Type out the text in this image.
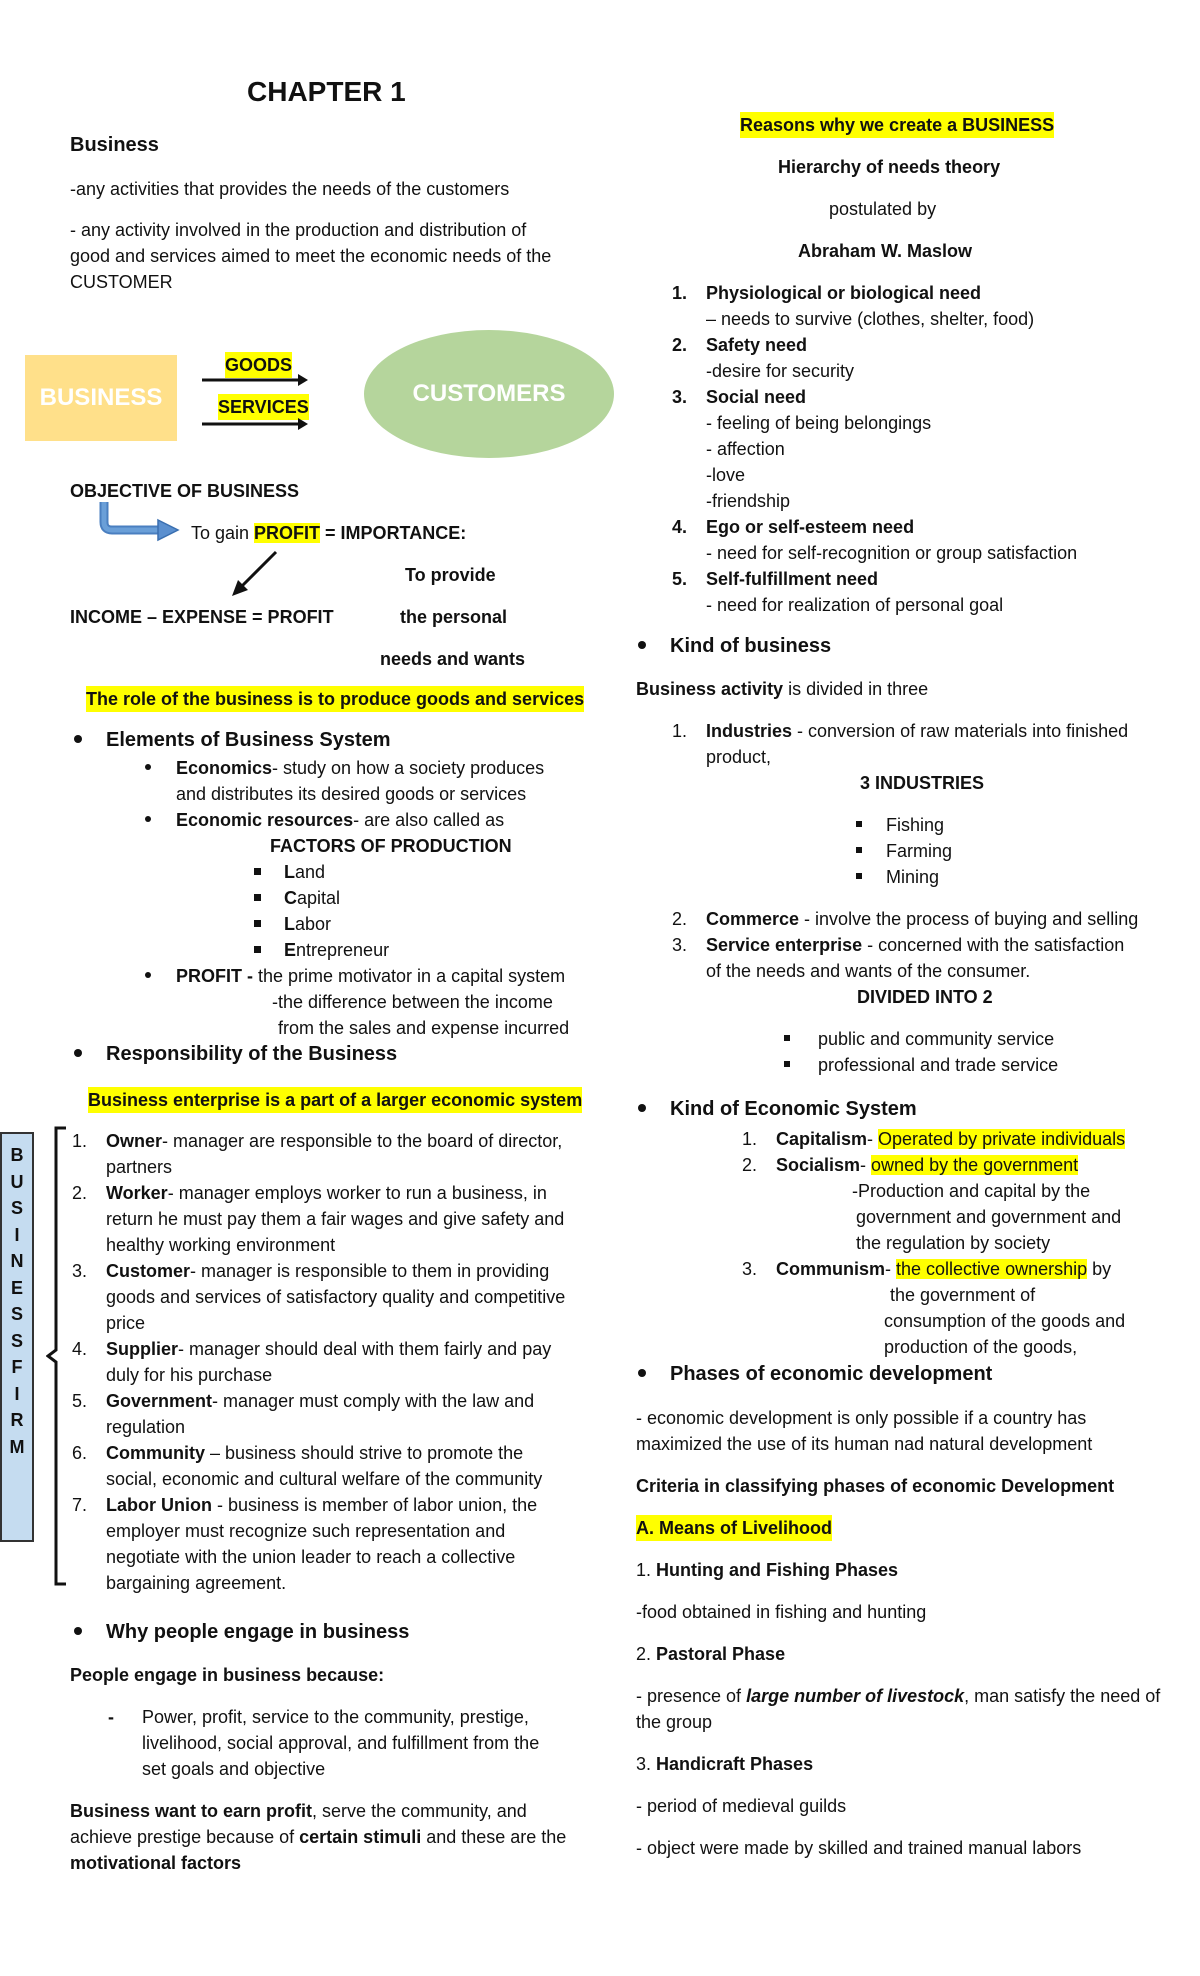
CHAPTER 1
Business
-any activities that provides the needs of the customers
- any activity involved in the production and distribution of
good and services aimed to meet the economic needs of the
CUSTOMER
BUSINESS
GOODS
SERVICES	CUSTOMERS
OBJECTIVE OF BUSINESS
To gain PROFIT = IMPORTANCE:
To provide
INCOME – EXPENSE = PROFIT	the personal
needs and wants
The role of the business is to produce goods and services
Elements of Business System
Economics- study on how a society produces
and distributes its desired goods or services
Economic resources- are also called as
FACTORS OF PRODUCTION
Land
Capital
Labor
Entrepreneur
PROFIT - the prime motivator in a capital system
-the difference between the income
from the sales and expense incurred
Responsibility of the Business
Business enterprise is a part of a larger economic system
B
U
S
I
N
E
S
S
F
I
R
M
1. Owner- manager are responsible to the board of director,
partners
2. Worker- manager employs worker to run a business, in
return he must pay them a fair wages and give safety and
healthy working environment
3. Customer- manager is responsible to them in providing
goods and services of satisfactory quality and competitive
price
4. Supplier- manager should deal with them fairly and pay
duly for his purchase
5. Government- manager must comply with the law and
regulation
6. Community – business should strive to promote the
social, economic and cultural welfare of the community
7. Labor Union - business is member of labor union, the
employer must recognize such representation and
negotiate with the union leader to reach a collective
bargaining agreement.
Why people engage in business
People engage in business because:
- Power, profit, service to the community, prestige,
livelihood, social approval, and fulfillment from the
set goals and objective
Business want to earn profit, serve the community, and
achieve prestige because of certain stimuli and these are the
motivational factors
Reasons why we create a BUSINESS
Hierarchy of needs theory
postulated by
Abraham W. Maslow
1. Physiological or biological need
– needs to survive (clothes, shelter, food)
2. Safety need
-desire for security
3. Social need
- feeling of being belongings
- affection
-love
-friendship
4. Ego or self-esteem need
- need for self-recognition or group satisfaction
5. Self-fulfillment need
- need for realization of personal goal
Kind of business
Business activity is divided in three
1. Industries - conversion of raw materials into finished
product,
3 INDUSTRIES
Fishing
Farming
Mining
2. Commerce - involve the process of buying and selling
3. Service enterprise - concerned with the satisfaction
of the needs and wants of the consumer.
DIVIDED INTO 2
public and community service
professional and trade service
Kind of Economic System
1. Capitalism- Operated by private individuals
2. Socialism- owned by the government
-Production and capital by the
government and government and
the regulation by society
3. Communism- the collective ownership by
the government of
consumption of the goods and
production of the goods,
Phases of economic development
- economic development is only possible if a country has
maximized the use of its human nad natural development
Criteria in classifying phases of economic Development
A. Means of Livelihood
1. Hunting and Fishing Phases
-food obtained in fishing and hunting
2. Pastoral Phase
- presence of large number of livestock, man satisfy the need of
the group
3. Handicraft Phases
- period of medieval guilds
- object were made by skilled and trained manual labors
